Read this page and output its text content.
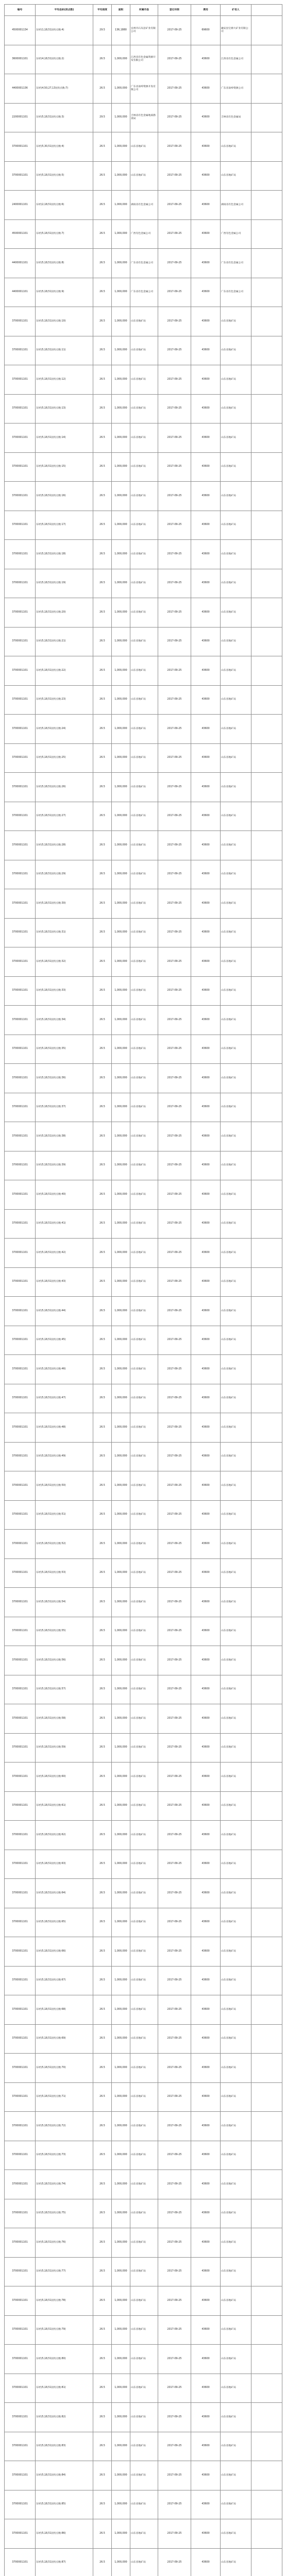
编号	平均坐标(拐点数)	平均深度	面积	所属市县	登记年限	费用	矿权人	
4500001134	东经(1,18,51)(拐点数:4)	29.5	136,1880	宜州市石灰岩矿业有限公司	2017-09-25	69600	融安县宝源大矿业有限公司	
3600001101	东经(4,18,51)(拐点数:2)	26.5	1,000,000	江西省有色金属资源开发有限公司	2017-09-25	43600	江西省有色金属公司	
4400001136	东经(4,50,27,13)(拐点数:7)	26.5	1,000,000	广东省南岭资源开发有限公司	2017-09-25	43600	广东省南岭资源公司	
2200001101	东经(5,18,51)(拐点数:3)	29.5	1,000,000	吉林省有色金属地质勘查局	2017-09-25	43600	吉林省有色金属局	
3700001101	东经(5,30,51)(拐点数:4)	26.5	1,000,000	山东省地矿局	2017-09-25	43600	山东省地矿局	
3700001101	东经(5,18,51)(拐点数:5)	26.5	1,000,000	山东省地矿局	2017-09-25	43600	山东省地矿局	
2400001101	东经(2,18,51)(拐点数:6)	26.5	1,000,000	湖南省有色金属公司	2017-09-25	43600	湖南省有色金属公司	
4500001101	东经(5,18,51)(拐点数:7)	26.5	1,000,000	广西有色金属公司	2017-09-25	43600	广西有色金属公司	
4400001101	东经(5,18,51)(拐点数:8)	26.5	1,000,000	广东省有色金属公司	2017-09-25	43600	广东省有色金属公司	
4400001101	东经(5,18,51)(拐点数:9)	26.5	1,000,000	广东省有色金属公司	2017-09-25	43600	广东省有色金属公司	
3700001101	东经(5,18,51)(拐点数:10)	26.5	1,000,000	山东省地矿局	2017-09-25	43600	山东省地矿局	
3700001101	东经(5,18,51)(拐点数:11)	26.5	1,000,000	山东省地矿局	2017-09-25	43600	山东省地矿局	
3700001101	东经(5,18,51)(拐点数:12)	26.5	1,000,000	山东省地矿局	2017-09-25	43600	山东省地矿局	
3700001101	东经(5,18,51)(拐点数:13)	26.5	1,000,000	山东省地矿局	2017-09-25	43600	山东省地矿局	
3700001101	东经(5,18,51)(拐点数:14)	26.5	1,000,000	山东省地矿局	2017-09-25	43600	山东省地矿局	
3700001101	东经(5,18,51)(拐点数:15)	26.5	1,000,000	山东省地矿局	2017-09-25	43600	山东省地矿局	
3700001101	东经(5,18,51)(拐点数:16)	26.5	1,000,000	山东省地矿局	2017-09-25	43600	山东省地矿局	
3700001101	东经(5,18,51)(拐点数:17)	26.5	1,000,000	山东省地矿局	2017-09-25	43600	山东省地矿局	
3700001101	东经(5,18,51)(拐点数:18)	26.5	1,000,000	山东省地矿局	2017-09-25	43600	山东省地矿局	
3700001101	东经(5,18,51)(拐点数:19)	26.5	1,000,000	山东省地矿局	2017-09-25	43600	山东省地矿局	
3700001101	东经(5,18,51)(拐点数:20)	26.5	1,000,000	山东省地矿局	2017-09-25	43600	山东省地矿局	
3700001101	东经(5,18,51)(拐点数:21)	26.5	1,000,000	山东省地矿局	2017-09-25	43600	山东省地矿局	
3700001101	东经(5,18,51)(拐点数:22)	26.5	1,000,000	山东省地矿局	2017-09-25	43600	山东省地矿局	
3700001101	东经(5,18,51)(拐点数:23)	26.5	1,000,000	山东省地矿局	2017-09-25	43600	山东省地矿局	
3700001101	东经(5,18,51)(拐点数:24)	26.5	1,000,000	山东省地矿局	2017-09-25	43600	山东省地矿局	
3700001101	东经(5,18,51)(拐点数:25)	26.5	1,000,000	山东省地矿局	2017-09-25	43600	山东省地矿局	
3700001101	东经(5,18,51)(拐点数:26)	26.5	1,000,000	山东省地矿局	2017-09-25	43600	山东省地矿局	
3700001101	东经(5,18,51)(拐点数:27)	26.5	1,000,000	山东省地矿局	2017-09-25	43600	山东省地矿局	
3700001101	东经(5,18,51)(拐点数:28)	26.5	1,000,000	山东省地矿局	2017-09-25	43600	山东省地矿局	
3700001101	东经(5,18,51)(拐点数:29)	26.5	1,000,000	山东省地矿局	2017-09-25	43600	山东省地矿局	
3700001101	东经(5,18,51)(拐点数:30)	26.5	1,000,000	山东省地矿局	2017-09-25	43600	山东省地矿局	
3700001101	东经(5,18,51)(拐点数:31)	26.5	1,000,000	山东省地矿局	2017-09-25	43600	山东省地矿局	
3700001101	东经(5,18,51)(拐点数:32)	26.5	1,000,000	山东省地矿局	2017-09-25	43600	山东省地矿局	
3700001101	东经(5,18,51)(拐点数:33)	26.5	1,000,000	山东省地矿局	2017-09-25	43600	山东省地矿局	
3700001101	东经(5,18,51)(拐点数:34)	26.5	1,000,000	山东省地矿局	2017-09-25	43600	山东省地矿局	
3700001101	东经(5,18,51)(拐点数:35)	26.5	1,000,000	山东省地矿局	2017-09-25	43600	山东省地矿局	
3700001101	东经(5,18,51)(拐点数:36)	26.5	1,000,000	山东省地矿局	2017-09-25	43600	山东省地矿局	
3700001101	东经(5,18,51)(拐点数:37)	26.5	1,000,000	山东省地矿局	2017-09-25	43600	山东省地矿局	
3700001101	东经(5,18,51)(拐点数:38)	26.5	1,000,000	山东省地矿局	2017-09-25	43600	山东省地矿局	
3700001101	东经(5,18,51)(拐点数:39)	26.5	1,000,000	山东省地矿局	2017-09-25	43600	山东省地矿局	
3700001101	东经(5,18,51)(拐点数:40)	26.5	1,000,000	山东省地矿局	2017-09-25	43600	山东省地矿局	
3700001101	东经(5,18,51)(拐点数:41)	26.5	1,000,000	山东省地矿局	2017-09-25	43600	山东省地矿局	
3700001101	东经(5,18,51)(拐点数:42)	26.5	1,000,000	山东省地矿局	2017-09-25	43600	山东省地矿局	
3700001101	东经(5,18,51)(拐点数:43)	26.5	1,000,000	山东省地矿局	2017-09-25	43600	山东省地矿局	
3700001101	东经(5,18,51)(拐点数:44)	26.5	1,000,000	山东省地矿局	2017-09-25	43600	山东省地矿局	
3700001101	东经(5,18,51)(拐点数:45)	26.5	1,000,000	山东省地矿局	2017-09-25	43600	山东省地矿局	
3700001101	东经(5,18,51)(拐点数:46)	26.5	1,000,000	山东省地矿局	2017-09-25	43600	山东省地矿局	
3700001101	东经(5,18,51)(拐点数:47)	26.5	1,000,000	山东省地矿局	2017-09-25	43600	山东省地矿局	
3700001101	东经(5,18,51)(拐点数:48)	26.5	1,000,000	山东省地矿局	2017-09-25	43600	山东省地矿局	
3700001101	东经(5,18,51)(拐点数:49)	26.5	1,000,000	山东省地矿局	2017-09-25	43600	山东省地矿局	
3700001101	东经(5,18,51)(拐点数:50)	26.5	1,000,000	山东省地矿局	2017-09-25	43600	山东省地矿局	
3700001101	东经(5,18,51)(拐点数:51)	26.5	1,000,000	山东省地矿局	2017-09-25	43600	山东省地矿局	
3700001101	东经(5,18,51)(拐点数:52)	26.5	1,000,000	山东省地矿局	2017-09-25	43600	山东省地矿局	
3700001101	东经(5,18,51)(拐点数:53)	26.5	1,000,000	山东省地矿局	2017-09-25	43600	山东省地矿局	
3700001101	东经(5,18,51)(拐点数:54)	26.5	1,000,000	山东省地矿局	2017-09-25	43600	山东省地矿局	
3700001101	东经(5,18,51)(拐点数:55)	26.5	1,000,000	山东省地矿局	2017-09-25	43600	山东省地矿局	
3700001101	东经(5,18,51)(拐点数:56)	26.5	1,000,000	山东省地矿局	2017-09-25	43600	山东省地矿局	
3700001101	东经(5,18,51)(拐点数:57)	26.5	1,000,000	山东省地矿局	2017-09-25	43600	山东省地矿局	
3700001101	东经(5,18,51)(拐点数:58)	26.5	1,000,000	山东省地矿局	2017-09-25	43600	山东省地矿局	
3700001101	东经(5,18,51)(拐点数:59)	26.5	1,000,000	山东省地矿局	2017-09-25	43600	山东省地矿局	
3700001101	东经(5,18,51)(拐点数:60)	26.5	1,000,000	山东省地矿局	2017-09-25	43600	山东省地矿局	
3700001101	东经(5,18,51)(拐点数:61)	26.5	1,000,000	山东省地矿局	2017-09-25	43600	山东省地矿局	
3700001101	东经(5,18,51)(拐点数:62)	26.5	1,000,000	山东省地矿局	2017-09-25	43600	山东省地矿局	
3700001101	东经(5,18,51)(拐点数:63)	26.5	1,000,000	山东省地矿局	2017-09-25	43600	山东省地矿局	
3700001101	东经(5,18,51)(拐点数:64)	26.5	1,000,000	山东省地矿局	2017-09-25	43600	山东省地矿局	
3700001101	东经(5,18,51)(拐点数:65)	26.5	1,000,000	山东省地矿局	2017-09-25	43600	山东省地矿局	
3700001101	东经(5,18,51)(拐点数:66)	26.5	1,000,000	山东省地矿局	2017-09-25	43600	山东省地矿局	
3700001101	东经(5,18,51)(拐点数:67)	26.5	1,000,000	山东省地矿局	2017-09-25	43600	山东省地矿局	
3700001101	东经(5,18,51)(拐点数:68)	26.5	1,000,000	山东省地矿局	2017-09-25	43600	山东省地矿局	
3700001101	东经(5,18,51)(拐点数:69)	26.5	1,000,000	山东省地矿局	2017-09-25	43600	山东省地矿局	
3700001101	东经(5,18,51)(拐点数:70)	26.5	1,000,000	山东省地矿局	2017-09-25	43600	山东省地矿局	
3700001101	东经(5,18,51)(拐点数:71)	26.5	1,000,000	山东省地矿局	2017-09-25	43600	山东省地矿局	
3700001101	东经(5,18,51)(拐点数:72)	26.5	1,000,000	山东省地矿局	2017-09-25	43600	山东省地矿局	
3700001101	东经(5,18,51)(拐点数:73)	26.5	1,000,000	山东省地矿局	2017-09-25	43600	山东省地矿局	
3700001101	东经(5,18,51)(拐点数:74)	26.5	1,000,000	山东省地矿局	2017-09-25	43600	山东省地矿局	
3700001101	东经(5,18,51)(拐点数:75)	26.5	1,000,000	山东省地矿局	2017-09-25	43600	山东省地矿局	
3700001101	东经(5,18,51)(拐点数:76)	26.5	1,000,000	山东省地矿局	2017-09-25	43600	山东省地矿局	
3700001101	东经(5,18,51)(拐点数:77)	26.5	1,000,000	山东省地矿局	2017-09-25	43600	山东省地矿局	
3700001101	东经(5,18,51)(拐点数:78)	26.5	1,000,000	山东省地矿局	2017-09-25	43600	山东省地矿局	
3700001101	东经(5,18,51)(拐点数:79)	26.5	1,000,000	山东省地矿局	2017-09-25	43600	山东省地矿局	
3700001101	东经(5,18,51)(拐点数:80)	26.5	1,000,000	山东省地矿局	2017-09-25	43600	山东省地矿局	
3700001101	东经(5,18,51)(拐点数:81)	26.5	1,000,000	山东省地矿局	2017-09-25	43600	山东省地矿局	
3700001101	东经(5,18,51)(拐点数:82)	26.5	1,000,000	山东省地矿局	2017-09-25	43600	山东省地矿局	
3700001101	东经(5,18,51)(拐点数:83)	26.5	1,000,000	山东省地矿局	2017-09-25	43600	山东省地矿局	
3700001101	东经(5,18,51)(拐点数:84)	26.5	1,000,000	山东省地矿局	2017-09-25	43600	山东省地矿局	
3700001101	东经(5,18,51)(拐点数:85)	26.5	1,000,000	山东省地矿局	2017-09-25	43600	山东省地矿局	
3700001101	东经(5,18,51)(拐点数:86)	26.5	1,000,000	山东省地矿局	2017-09-25	43600	山东省地矿局	
3700001101	东经(5,18,51)(拐点数:87)	26.5	1,000,000	山东省地矿局	2017-09-25	43600	山东省地矿局	
